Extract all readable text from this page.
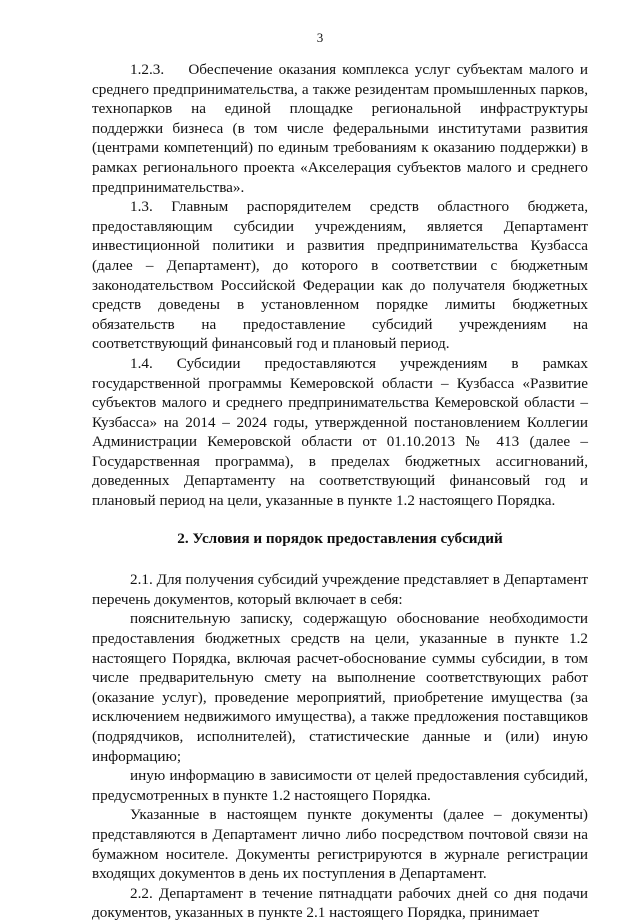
3

1.2.3.    Обеспечение оказания комплекса услуг субъектам малого и среднего предпринимательства, а также резидентам промышленных парков, технопарков на единой площадке региональной инфраструктуры поддержки бизнеса (в том числе федеральными институтами развития (центрами компетенций) по единым требованиям к оказанию поддержки) в рамках регионального проекта «Акселерация субъектов малого и среднего предпринимательства».

1.3. Главным распорядителем средств областного бюджета, предоставляющим субсидии учреждениям, является Департамент инвестиционной политики и развития предпринимательства Кузбасса (далее – Департамент), до которого в соответствии с бюджетным законодательством Российской Федерации как до получателя бюджетных средств доведены в установленном порядке лимиты бюджетных обязательств на предоставление субсидий учреждениям на соответствующий финансовый год и плановый период.

1.4. Субсидии предоставляются учреждениям в рамках государственной программы Кемеровской области – Кузбасса «Развитие субъектов малого и среднего предпринимательства Кемеровской области – Кузбасса» на 2014 – 2024 годы, утвержденной постановлением Коллегии Администрации Кемеровской области от 01.10.2013 № 413 (далее – Государственная программа), в пределах бюджетных ассигнований, доведенных Департаменту на соответствующий финансовый год и плановый период на цели, указанные в пункте 1.2 настоящего Порядка.

2. Условия и порядок предоставления субсидий

2.1. Для получения субсидий учреждение представляет в Департамент перечень документов, который включает в себя:

пояснительную записку, содержащую обоснование необходимости предоставления бюджетных средств на цели, указанные в пункте 1.2 настоящего Порядка, включая расчет-обоснование суммы субсидии, в том числе предварительную смету на выполнение соответствующих работ (оказание услуг), проведение мероприятий, приобретение имущества (за исключением недвижимого имущества), а также предложения поставщиков (подрядчиков, исполнителей), статистические данные и (или) иную информацию;

иную информацию в зависимости от целей предоставления субсидий, предусмотренных в пункте 1.2 настоящего Порядка.

Указанные в настоящем пункте документы (далее – документы) представляются в Департамент лично либо посредством почтовой связи на бумажном носителе. Документы регистрируются в журнале регистрации входящих документов в день их поступления в Департамент.

2.2. Департамент в течение пятнадцати рабочих дней со дня подачи документов, указанных в пункте 2.1 настоящего Порядка, принимает
